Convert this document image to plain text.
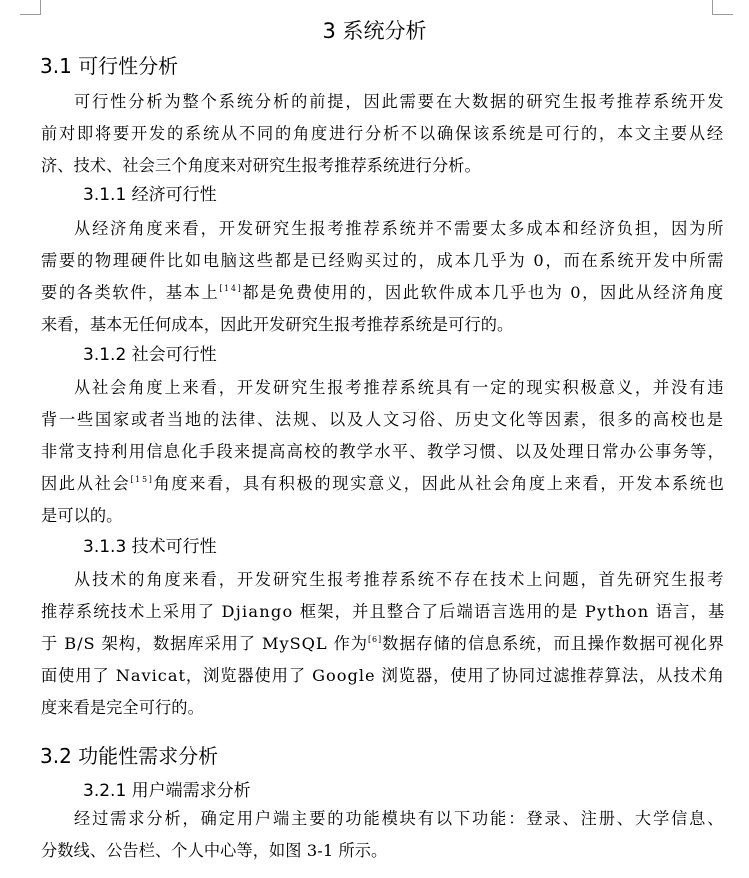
3 系统分析
3.1 可行性分析
可行性分析为整个系统分析的前提，因此需要在大数据的研究生报考推荐系统开发
前对即将要开发的系统从不同的角度进行分析不以确保该系统是可行的，本文主要从经
济、技术、社会三个角度来对研究生报考推荐系统进行分析。
3.1.1 经济可行性
从经济角度来看，开发研究生报考推荐系统并不需要太多成本和经济负担，因为所
需要的物理硬件比如电脑这些都是已经购买过的，成本几乎为 0，而在系统开发中所需
要的各类软件，基本上[14]都是免费使用的，因此软件成本几乎也为 0，因此从经济角度
来看，基本无任何成本，因此开发研究生报考推荐系统是可行的。
3.1.2 社会可行性
从社会角度上来看，开发研究生报考推荐系统具有一定的现实积极意义，并没有违
背一些国家或者当地的法律、法规、以及人文习俗、历史文化等因素，很多的高校也是
非常支持利用信息化手段来提高高校的教学水平、教学习惯、以及处理日常办公事务等，
因此从社会[15]角度来看，具有积极的现实意义，因此从社会角度上来看，开发本系统也
是可以的。
3.1.3 技术可行性
从技术的角度来看，开发研究生报考推荐系统不存在技术上问题，首先研究生报考
推荐系统技术上采用了 Djiango 框架，并且整合了后端语言选用的是 Python 语言，基
于 B/S 架构，数据库采用了 MySQL 作为[6]数据存储的信息系统，而且操作数据可视化界
面使用了 Navicat，浏览器使用了 Google 浏览器，使用了协同过滤推荐算法，从技术角
度来看是完全可行的。
3.2 功能性需求分析
3.2.1 用户端需求分析
经过需求分析，确定用户端主要的功能模块有以下功能：登录、注册、大学信息、
分数线、公告栏、个人中心等，如图 3-1 所示。
